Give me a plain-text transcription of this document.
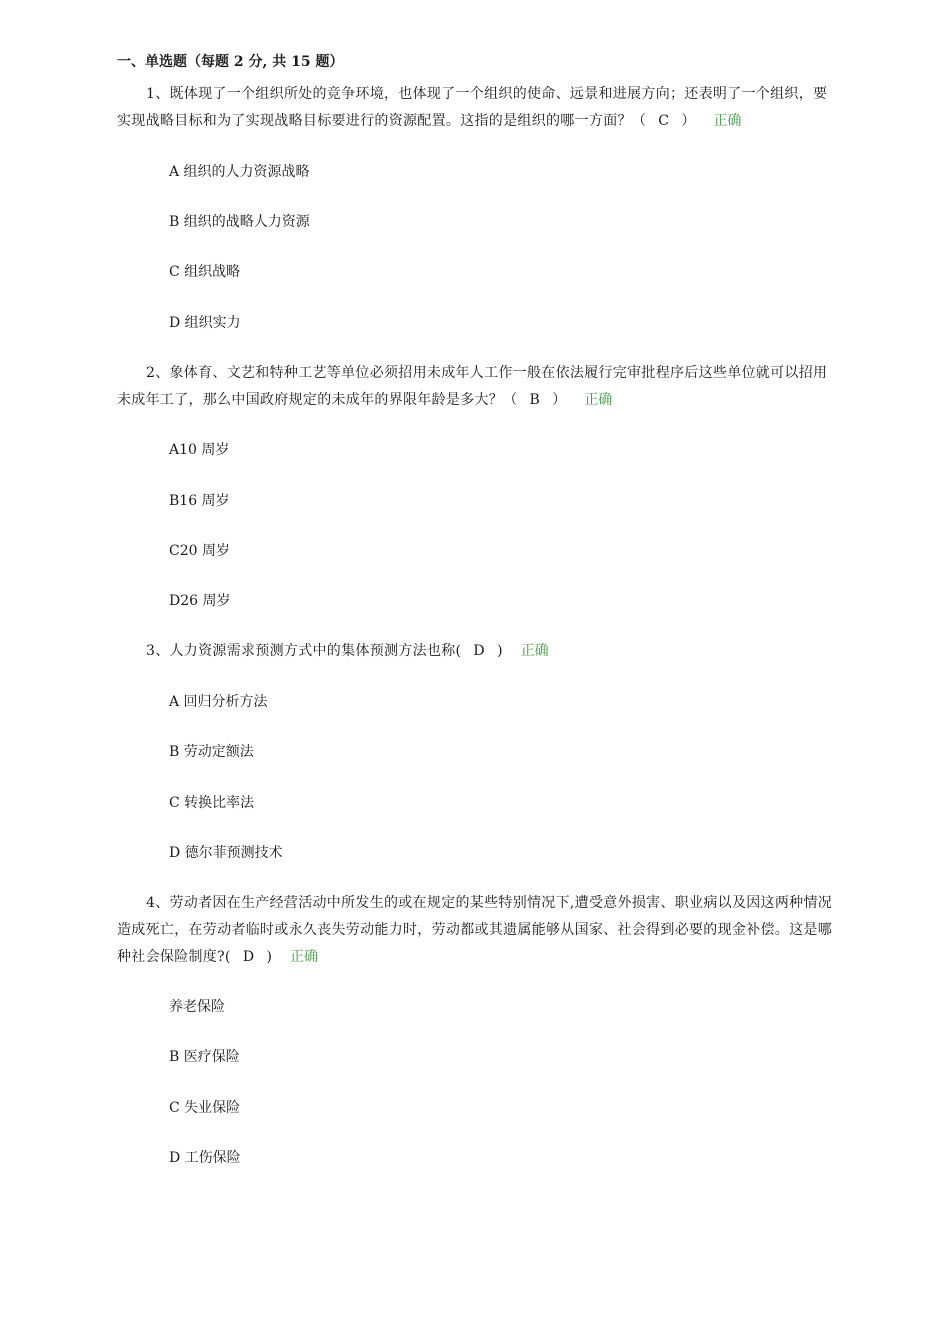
一、单选题（每题 2 分, 共 15 题）
1、既体现了一个组织所处的竞争环境，也体现了一个组织的使命、远景和进展方向；还表明了一个组织，要实现战略目标和为了实现战略目标要进行的资源配置。这指的是组织的哪一方面？（ C ） 正确
A 组织的人力资源战略
B 组织的战略人力资源
C 组织战略
D 组织实力
2、象体育、文艺和特种工艺等单位必须招用未成年人工作一般在依法履行完审批程序后这些单位就可以招用未成年工了，那么中国政府规定的未成年的界限年龄是多大？（ B ） 正确
A10 周岁
B16 周岁
C20 周岁
D26 周岁
3、人力资源需求预测方式中的集体预测方法也称( D ) 正确
A 回归分析方法
B 劳动定额法
C 转换比率法
D 德尔菲预测技术
4、劳动者因在生产经营活动中所发生的或在规定的某些特别情况下,遭受意外损害、职业病以及因这两种情况造成死亡，在劳动者临时或永久丧失劳动能力时，劳动都或其遗属能够从国家、社会得到必要的现金补偿。这是哪种社会保险制度?( D ) 正确
养老保险
B 医疗保险
C 失业保险
D 工伤保险
